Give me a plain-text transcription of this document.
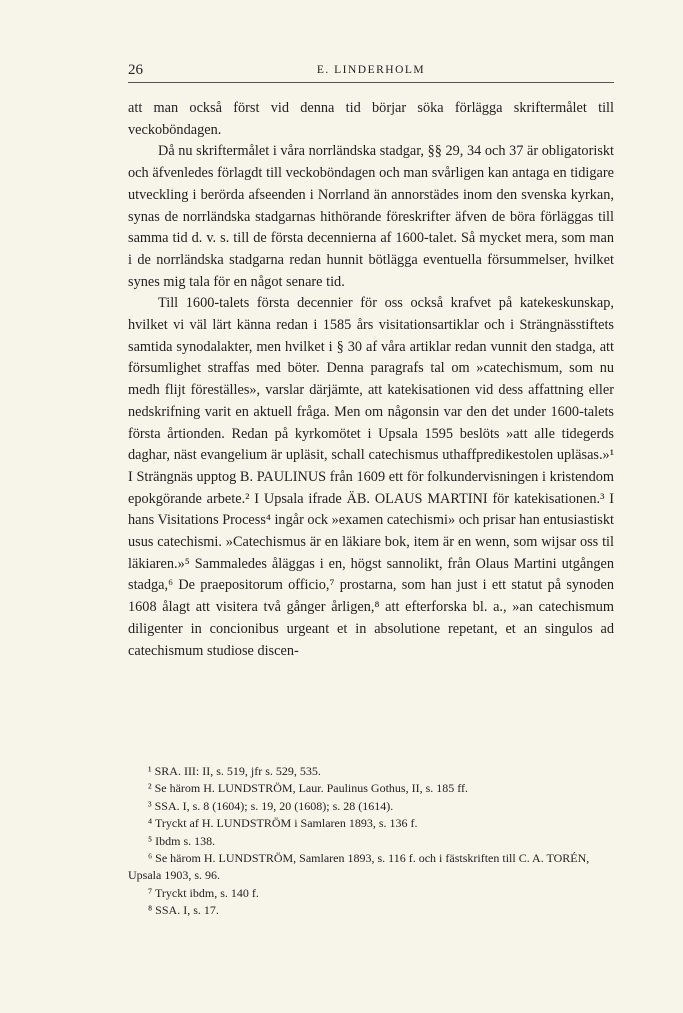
26	E. LINDERHOLM

att man också först vid denna tid börjar söka förlägga skriftermålet till veckoböndagen.

Då nu skriftermålet i våra norrländska stadgar, §§ 29, 34 och 37 är obligatoriskt och äfvenledes förlagdt till veckoböndagen och man svårligen kan antaga en tidigare utveckling i berörda afseenden i Norrland än annorstädes inom den svenska kyrkan, synas de norrländska stadgarnas hithörande föreskrifter äfven de böra förläggas till samma tid d. v. s. till de första decennierna af 1600-talet. Så mycket mera, som man i de norrländska stadgarna redan hunnit bötlägga eventuella försummelser, hvilket synes mig tala för en något senare tid.

Till 1600-talets första decennier för oss också krafvet på katekeskunskap, hvilket vi väl lärt känna redan i 1585 års visitationsartiklar och i Strängnässtiftets samtida synodalakter, men hvilket i § 30 af våra artiklar redan vunnit den stadga, att försumlighet straffas med böter. Denna paragrafs tal om »catechismum, som nu medh flijt föreställes», varslar därjämte, att katekisationen vid dess affattning eller nedskrifning varit en aktuell fråga. Men om någonsin var den det under 1600-talets första årtionden. Redan på kyrkomötet i Upsala 1595 beslöts »att alle tidegerds daghar, näst evangelium är upläsit, schall catechismus uthaffpredikestolen upläsas.»¹ I Strängnäs upptog B. PAULINUS från 1609 ett för folkundervisningen i kristendom epokgörande arbete.² I Upsala ifrade ÄB. OLAUS MARTINI för katekisationen.³ I hans Visitations Process⁴ ingår ock »examen catechismi» och prisar han entusiastiskt usus catechismi. »Catechismus är en läkiare bok, item är en wenn, som wijsar oss til läkiaren.»⁵ Sammaledes åläggas i en, högst sannolikt, från Olaus Martini utgången stadga,⁶ De praepositorum officio,⁷ prostarna, som han just i ett statut på synoden 1608 ålagt att visitera två gånger årligen,⁸ att efterforska bl. a., »an catechismum diligenter in concionibus urgeant et in absolutione repetant, et an singulos ad catechismum studiose discen-

¹ SRA. III: II, s. 519, jfr s. 529, 535.

² Se härom H. LUNDSTRÖM, Laur. Paulinus Gothus, II, s. 185 ff.

³ SSA. I, s. 8 (1604); s. 19, 20 (1608); s. 28 (1614).

⁴ Tryckt af H. LUNDSTRÖM i Samlaren 1893, s. 136 f.

⁵ Ibdm s. 138.

⁶ Se härom H. LUNDSTRÖM, Samlaren 1893, s. 116 f. och i fästskriften till C. A. TORÉN, Upsala 1903, s. 96.

⁷ Tryckt ibdm, s. 140 f.

⁸ SSA. I, s. 17.
